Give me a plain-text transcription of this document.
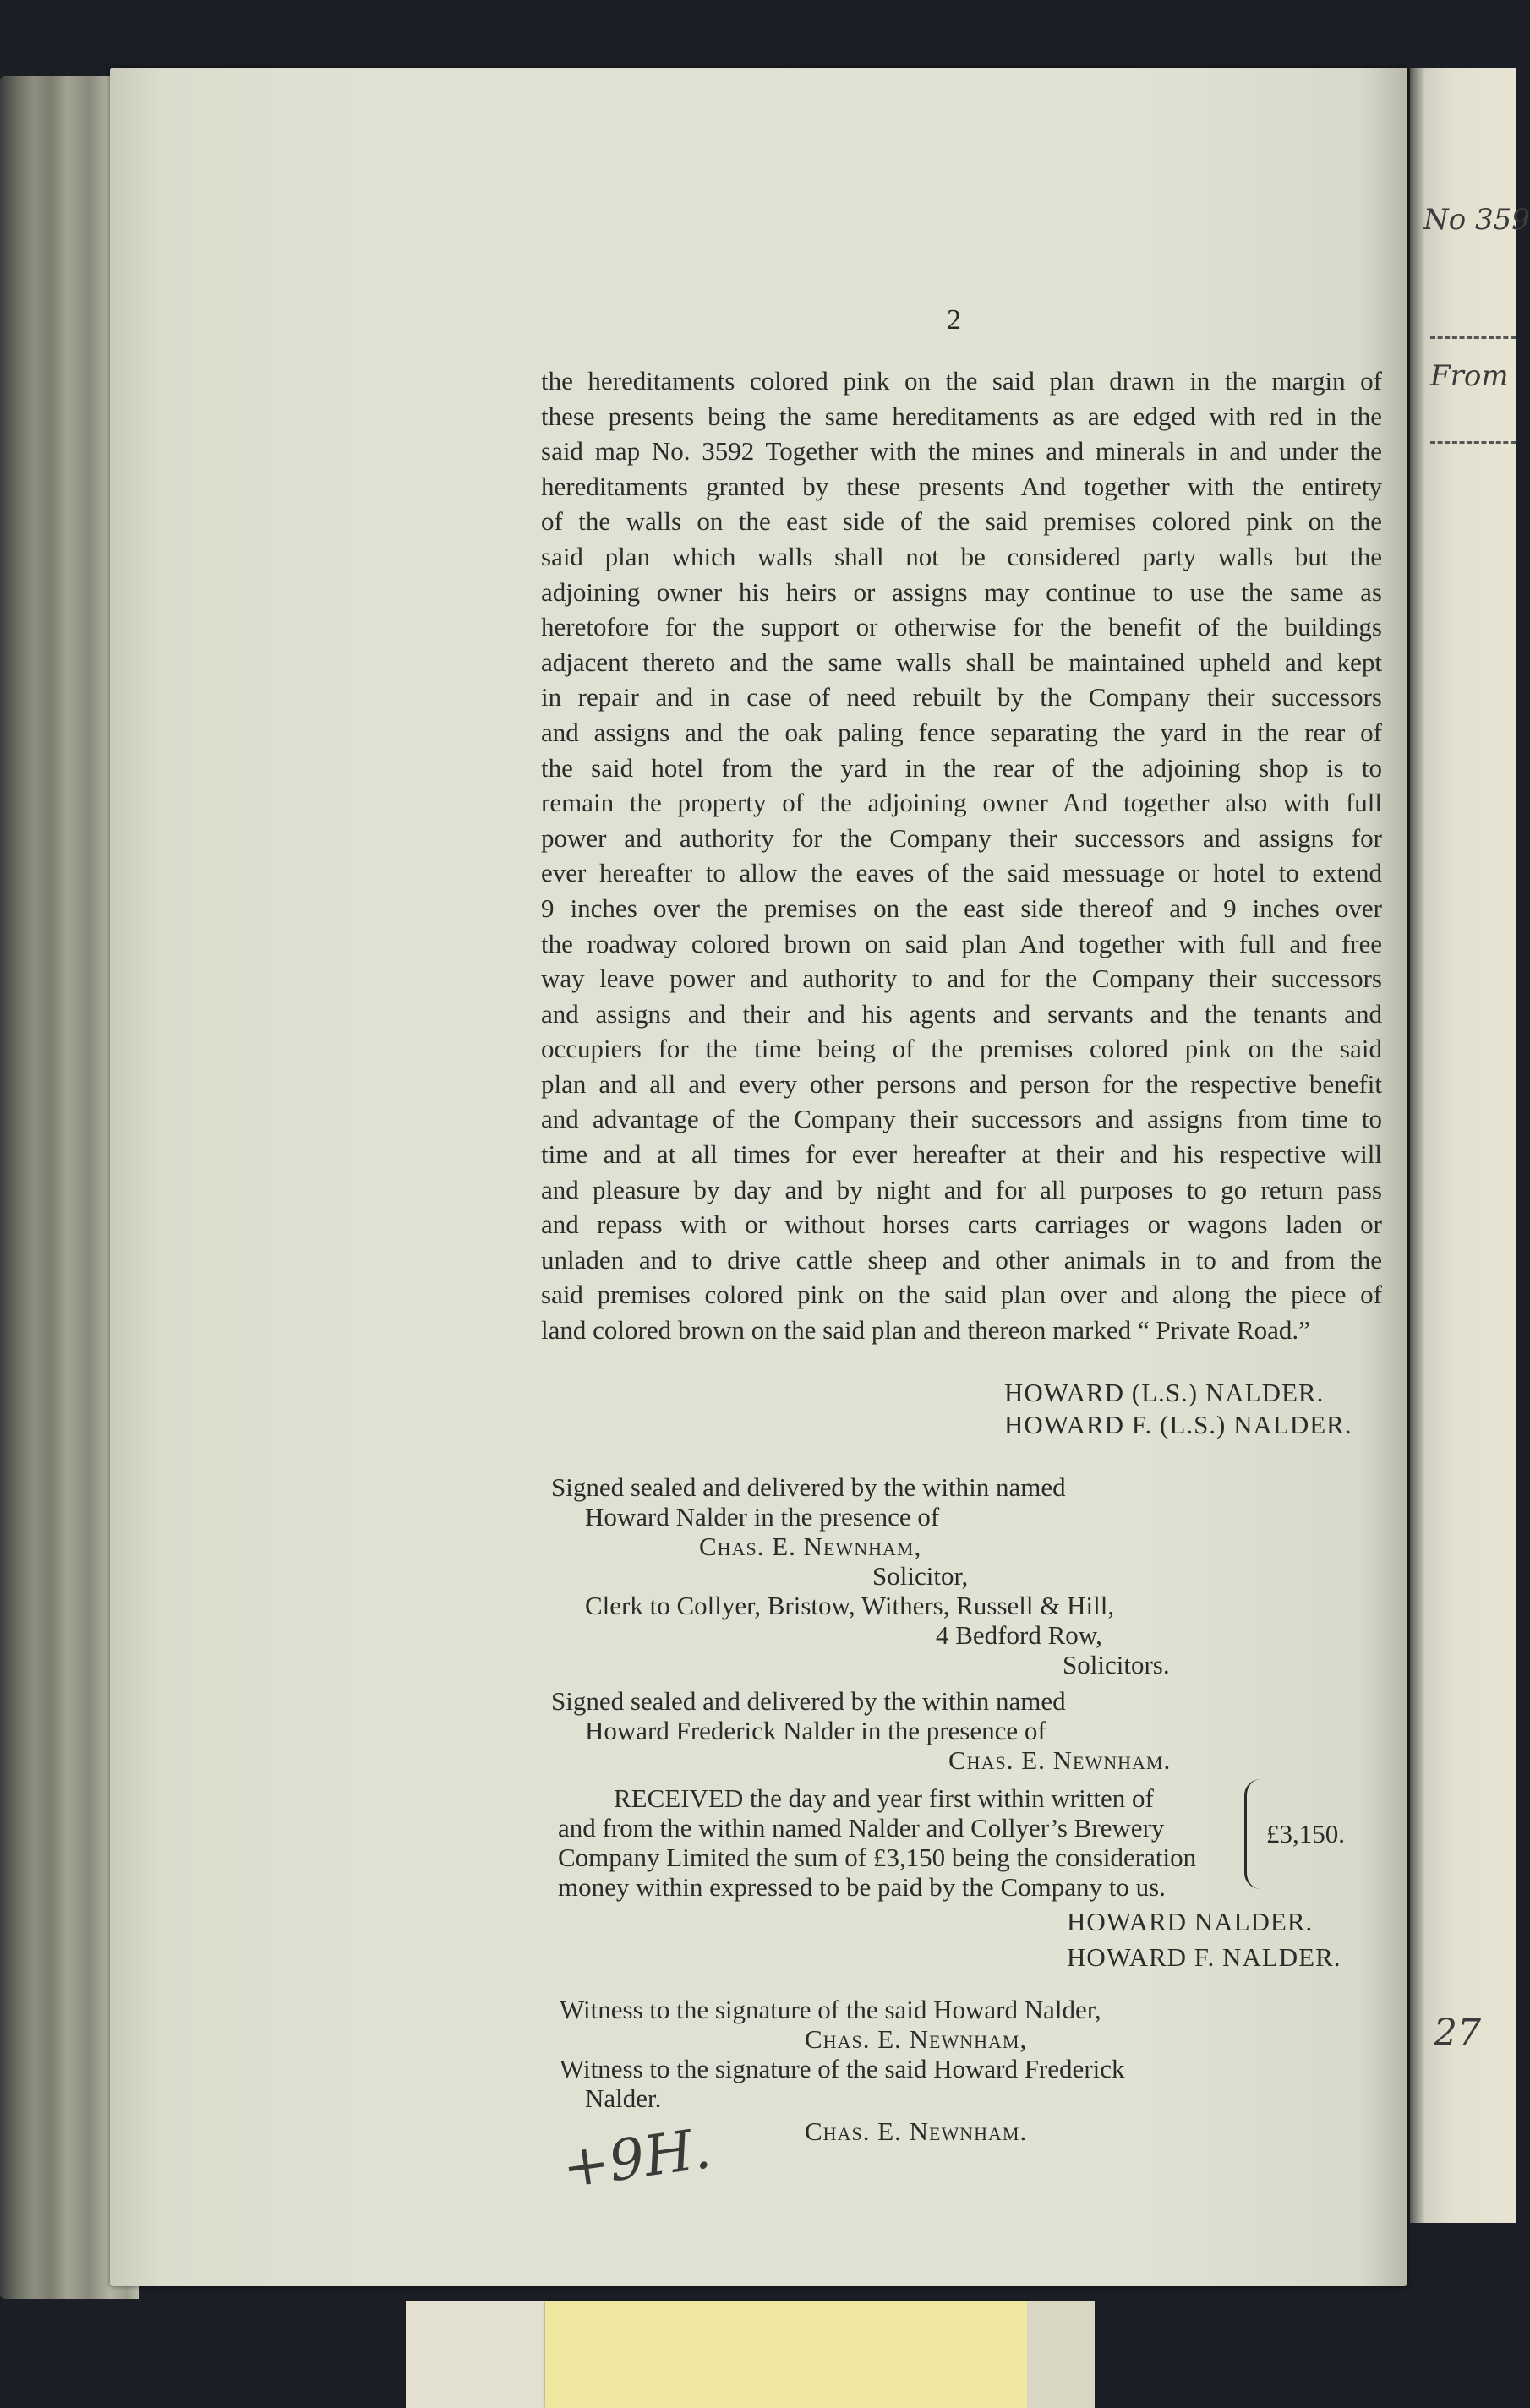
No 359
From
27
2
the hereditaments colored pink on the said plan drawn in the margin of
these presents being the same hereditaments as are edged with red in the
said map No. 3592 Together with the mines and minerals in and under the
hereditaments granted by these presents And together with the entirety
of the walls on the east side of the said premises colored pink on the
said plan which walls shall not be considered party walls but the
adjoining owner his heirs or assigns may continue to use the same as
heretofore for the support or otherwise for the benefit of the buildings
adjacent thereto and the same walls shall be maintained upheld and kept
in repair and in case of need rebuilt by the Company their successors
and assigns and the oak paling fence separating the yard in the rear of
the said hotel from the yard in the rear of the adjoining shop is to
remain the property of the adjoining owner And together also with full
power and authority for the Company their successors and assigns for
ever hereafter to allow the eaves of the said messuage or hotel to extend
9 inches over the premises on the east side thereof and 9 inches over
the roadway colored brown on said plan And together with full and free
way leave power and authority to and for the Company their successors
and assigns and their and his agents and servants and the tenants and
occupiers for the time being of the premises colored pink on the said
plan and all and every other persons and person for the respective benefit
and advantage of the Company their successors and assigns from time to
time and at all times for ever hereafter at their and his respective will
and pleasure by day and by night and for all purposes to go return pass
and repass with or without horses carts carriages or wagons laden or
unladen and to drive cattle sheep and other animals in to and from the
said premises colored pink on the said plan over and along the piece of
land colored brown on the said plan and thereon marked “ Private Road.”
HOWARD (L.S.) NALDER.
HOWARD F. (L.S.) NALDER.
Signed sealed and delivered by the within named
Howard Nalder in the presence of
Chas. E. Newnham,
Solicitor,
Clerk to Collyer, Bristow, Withers, Russell & Hill,
4 Bedford Row,
Solicitors.
Signed sealed and delivered by the within named
Howard Frederick Nalder in the presence of
Chas. E. Newnham.
RECEIVED the day and year first within written of
and from the within named Nalder and Collyer’s Brewery
Company Limited the sum of £3,150 being the consideration
money within expressed to be paid by the Company to us.
£3,150.
HOWARD NALDER.
HOWARD F. NALDER.
Witness to the signature of the said Howard Nalder,
Chas. E. Newnham,
Witness to the signature of the said Howard Frederick
Nalder.
Chas. E. Newnham.
+9H.
